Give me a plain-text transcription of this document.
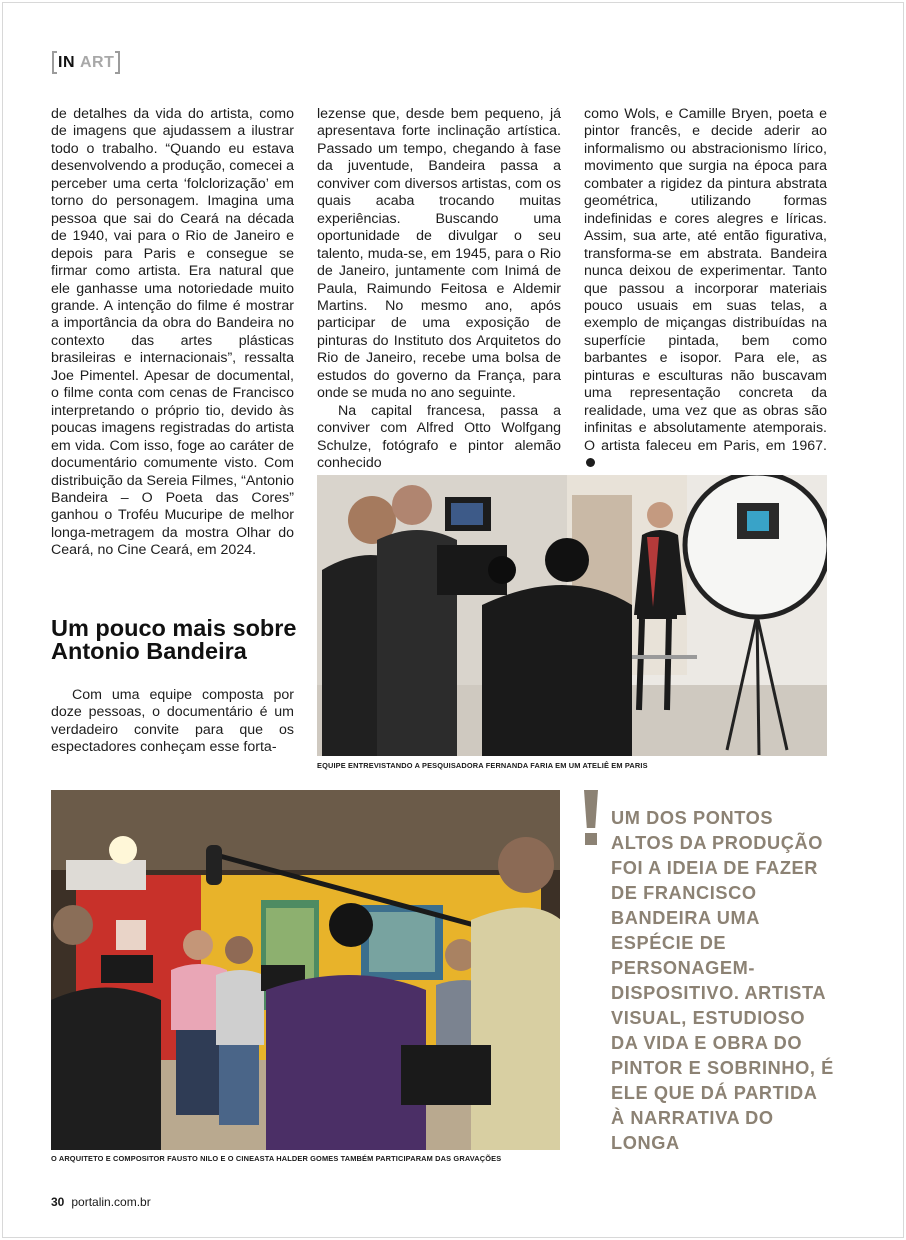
IN ART

de detalhes da vida do artista, como de imagens que ajudassem a ilustrar todo o trabalho. “Quando eu estava desenvolvendo a produção, comecei a perceber uma certa ‘folclorização’ em torno do personagem. Imagina uma pessoa que sai do Ceará na década de 1940, vai para o Rio de Janeiro e depois para Paris e consegue se firmar como artista. Era natural que ele ganhasse uma notoriedade muito grande. A intenção do filme é mostrar a importância da obra do Bandeira no contexto das artes plásticas brasileiras e internacionais”, ressalta Joe Pimentel. Apesar de documental, o filme conta com cenas de Francisco interpretando o próprio tio, devido às poucas imagens registradas do artista em vida. Com isso, foge ao caráter de documentário comumente visto. Com distribuição da Sereia Filmes, “Antonio Bandeira – O Poeta das Cores” ganhou o Troféu Mucuripe de melhor longa-metragem da mostra Olhar do Ceará, no Cine Ceará, em 2024.

Um pouco mais sobre Antonio Bandeira

Com uma equipe composta por doze pessoas, o documentário é um verdadeiro convite para que os espectadores conheçam esse forta-

lezense que, desde bem pequeno, já apresentava forte inclinação artística. Passado um tempo, chegando à fase da juventude, Bandeira passa a conviver com diversos artistas, com os quais acaba trocando muitas experiências. Buscando uma oportunidade de divulgar o seu talento, muda-se, em 1945, para o Rio de Janeiro, juntamente com Inimá de Paula, Raimundo Feitosa e Aldemir Martins. No mesmo ano, após participar de uma exposição de pinturas do Instituto dos Arquitetos do Rio de Janeiro, recebe uma bolsa de estudos do governo da França, para onde se muda no ano seguinte.

Na capital francesa, passa a conviver com Alfred Otto Wolfgang Schulze, fotógrafo e pintor alemão conhecido

como Wols, e Camille Bryen, poeta e pintor francês, e decide aderir ao informalismo ou abstracionismo lírico, movimento que surgia na época para combater a rigidez da pintura abstrata geométrica, utilizando formas indefinidas e cores alegres e líricas. Assim, sua arte, até então figurativa, transforma-se em abstrata. Bandeira nunca deixou de experimentar. Tanto que passou a incorporar materiais pouco usuais em suas telas, a exemplo de miçangas distribuídas na superfície pintada, bem como barbantes e isopor. Para ele, as pinturas e esculturas não buscavam uma representação concreta da realidade, uma vez que as obras são infinitas e absolutamente atemporais. O artista faleceu em Paris, em 1967.

EQUIPE ENTREVISTANDO A PESQUISADORA FERNANDA FARIA EM UM ATELIÊ EM PARIS
O ARQUITETO E COMPOSITOR FAUSTO NILO E O CINEASTA HALDER GOMES TAMBÉM PARTICIPARAM DAS GRAVAÇÕES
UM DOS PONTOS ALTOS DA PRODUÇÃO FOI A IDEIA DE FAZER DE FRANCISCO BANDEIRA UMA ESPÉCIE DE PERSONAGEM-DISPOSITIVO. ARTISTA VISUAL, ESTUDIOSO DA VIDA E OBRA DO PINTOR E SOBRINHO, É ELE QUE DÁ PARTIDA À NARRATIVA DO LONGA
30 portalin.com.br
